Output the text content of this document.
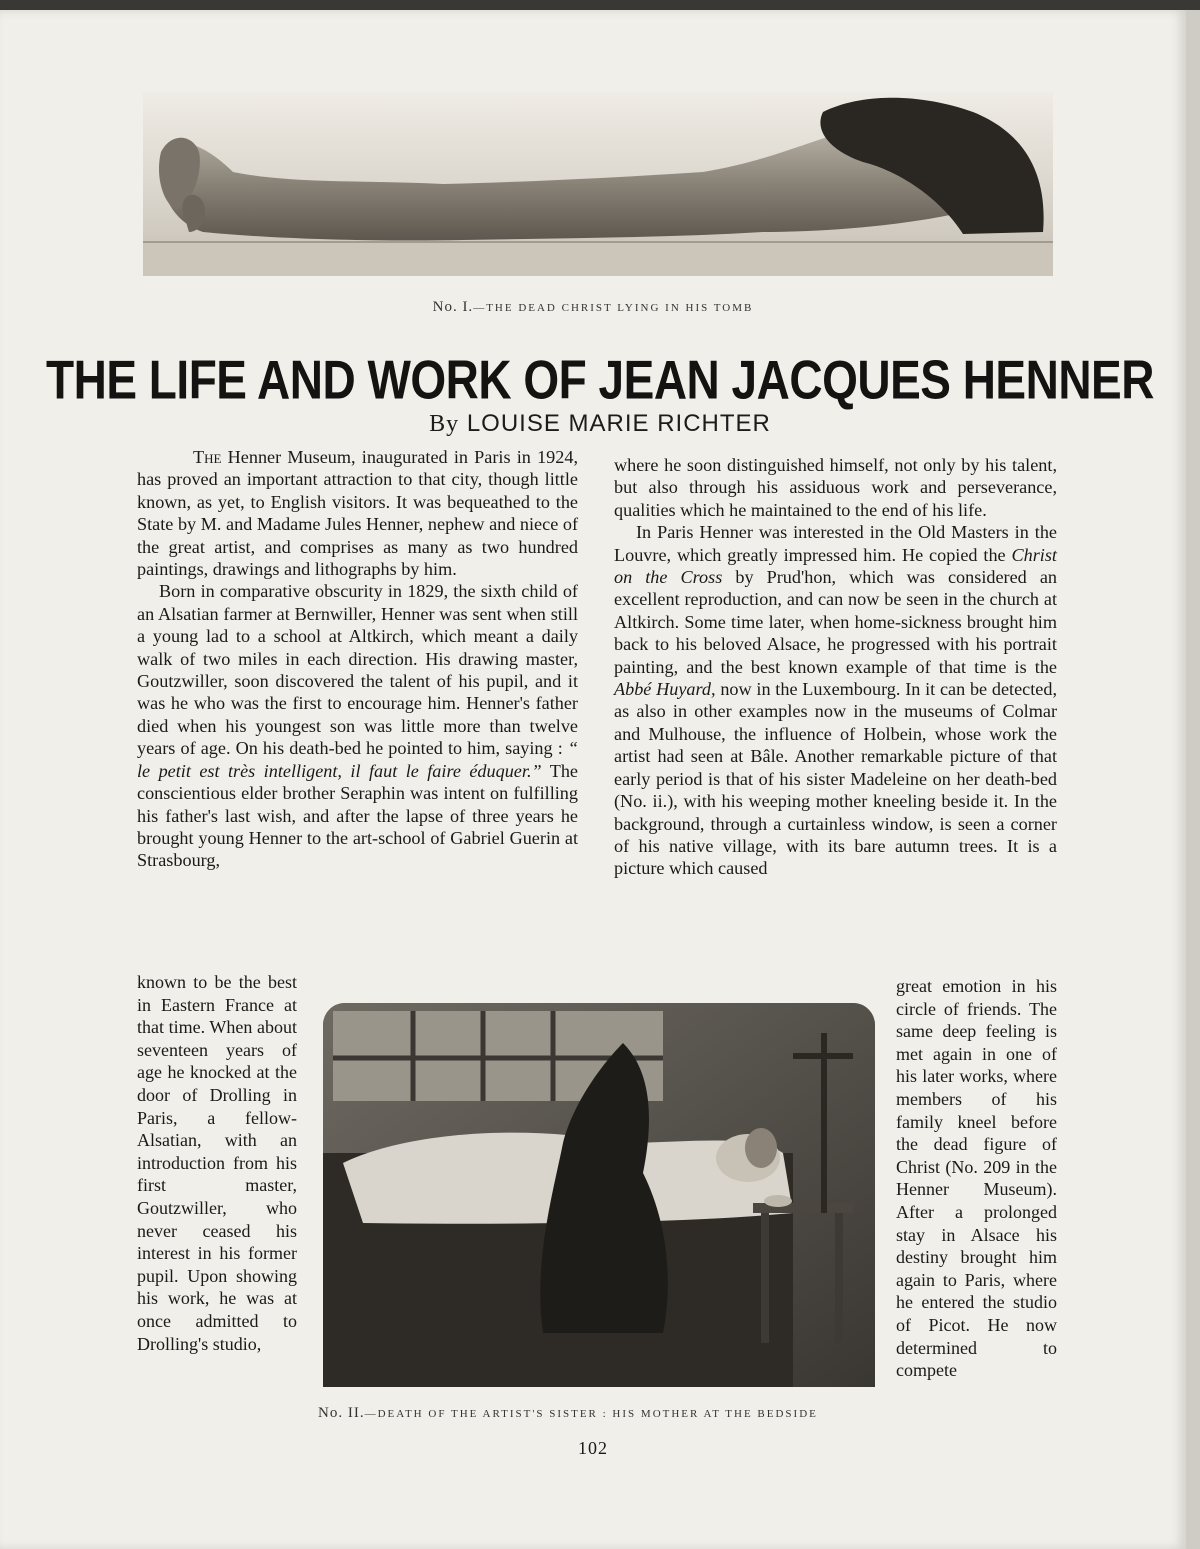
No. I.—THE DEAD CHRIST LYING IN HIS TOMB
THE LIFE AND WORK OF JEAN JACQUES HENNER
By LOUISE MARIE RICHTER

The Henner Museum, inaugurated in Paris in 1924, has proved an important attraction to that city, though little known, as yet, to English visitors. It was bequeathed to the State by M. and Madame Jules Henner, nephew and niece of the great artist, and comprises as many as two hundred paintings, drawings and lithographs by him.

Born in comparative obscurity in 1829, the sixth child of an Alsatian farmer at Bernwiller, Henner was sent when still a young lad to a school at Altkirch, which meant a daily walk of two miles in each direction. His drawing master, Goutzwiller, soon discovered the talent of his pupil, and it was he who was the first to encourage him. Henner's father died when his youngest son was little more than twelve years of age. On his death-bed he pointed to him, saying : “ le petit est très intelligent, il faut le faire éduquer.” The conscientious elder brother Seraphin was intent on fulfilling his father's last wish, and after the lapse of three years he brought young Henner to the art-school of Gabriel Guerin at Strasbourg,

known to be the best in Eastern France at that time. When about seventeen years of age he knocked at the door of Drolling in Paris, a fellow-Alsatian, with an introduction from his first master, Goutzwiller, who never ceased his interest in his former pupil. Upon showing his work, he was at once admitted to Drolling's studio,

where he soon distinguished himself, not only by his talent, but also through his assiduous work and perseverance, qualities which he maintained to the end of his life.

In Paris Henner was interested in the Old Masters in the Louvre, which greatly impressed him. He copied the Christ on the Cross by Prud'hon, which was considered an excellent reproduction, and can now be seen in the church at Altkirch. Some time later, when home-sickness brought him back to his beloved Alsace, he progressed with his portrait painting, and the best known example of that time is the Abbé Huyard, now in the Luxembourg. In it can be detected, as also in other examples now in the museums of Colmar and Mulhouse, the influence of Holbein, whose work the artist had seen at Bâle. Another remarkable picture of that early period is that of his sister Madeleine on her death-bed (No. ii.), with his weeping mother kneeling beside it. In the background, through a curtainless window, is seen a corner of his native village, with its bare autumn trees. It is a picture which caused

great emotion in his circle of friends. The same deep feeling is met again in one of his later works, where members of his family kneel before the dead figure of Christ (No. 209 in the Henner Museum). After a prolonged stay in Alsace his destiny brought him again to Paris, where he entered the studio of Picot. He now determined to compete
No. II.—DEATH OF THE ARTIST'S SISTER : HIS MOTHER AT THE BEDSIDE
102
